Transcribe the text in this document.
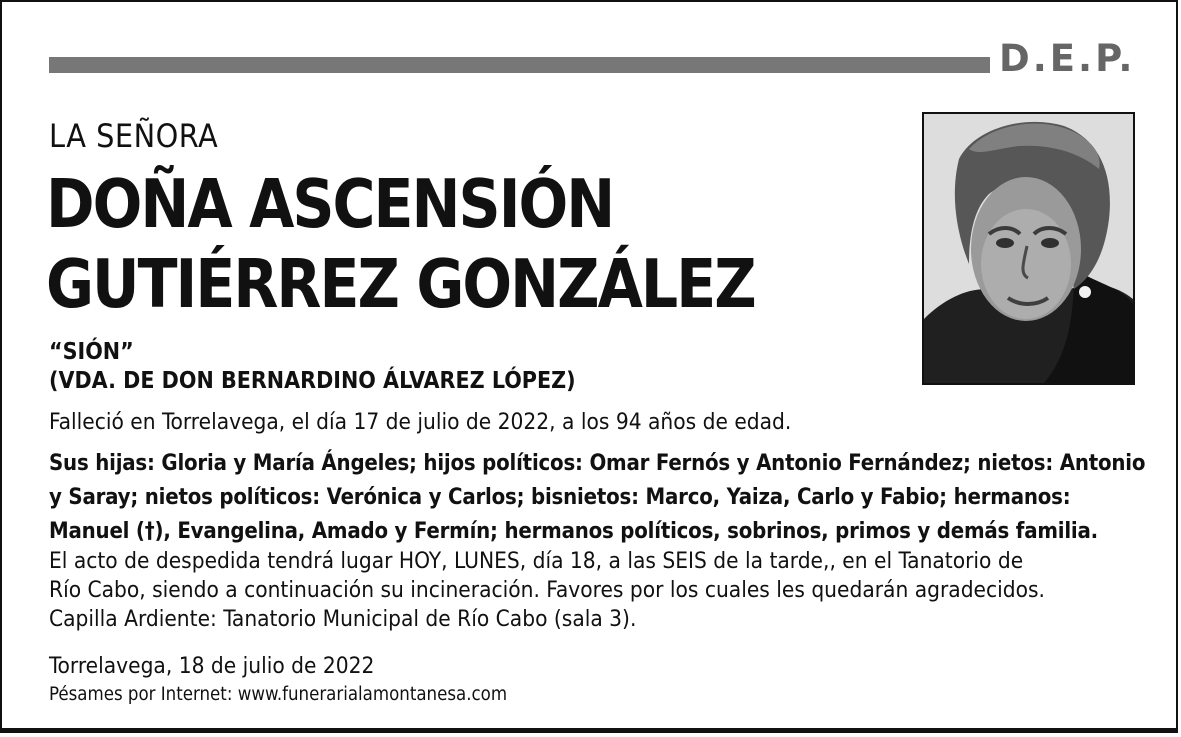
D.E.P.
LA SEÑORA
DOÑA ASCENSIÓN
GUTIÉRREZ GONZÁLEZ
“SIÓN”
(VDA. DE DON BERNARDINO ÁLVAREZ LÓPEZ)
Falleció en Torrelavega, el día 17 de julio de 2022, a los 94 años de edad.
Sus hijas: Gloria y María Ángeles; hijos políticos: Omar Fernós y Antonio Fernández; nietos: Antonio
y Saray; nietos políticos: Verónica y Carlos; bisnietos: Marco, Yaiza, Carlo y Fabio; hermanos:
Manuel (†), Evangelina, Amado y Fermín; hermanos políticos, sobrinos, primos y demás familia.
El acto de despedida tendrá lugar HOY, LUNES, día 18, a las SEIS de la tarde,, en el Tanatorio de
Río Cabo, siendo a continuación su incineración. Favores por los cuales les quedarán agradecidos.
Capilla Ardiente: Tanatorio Municipal de Río Cabo (sala 3).
Torrelavega, 18 de julio de 2022
Pésames por Internet: www.funerarialamontanesa.com
